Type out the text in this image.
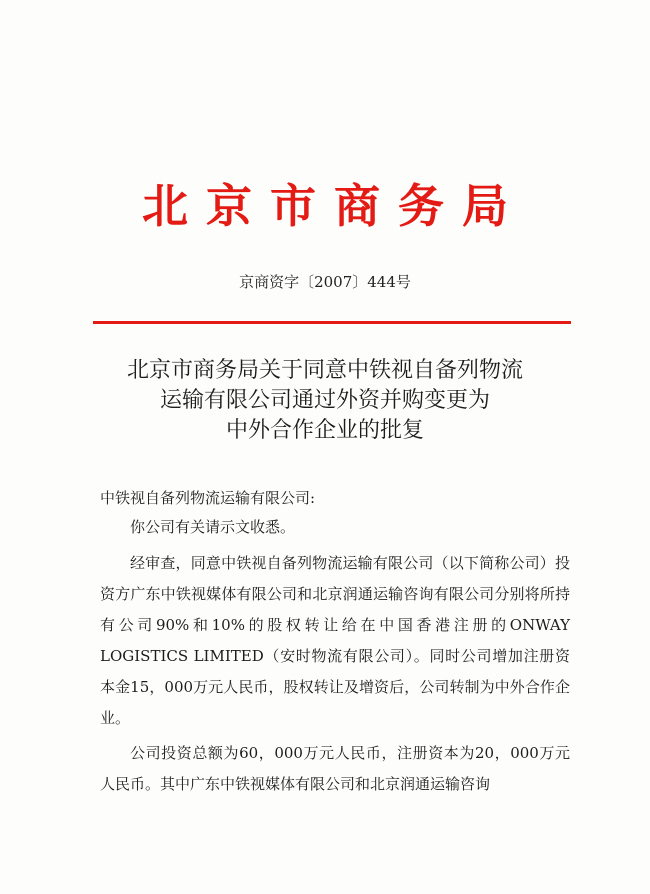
北京市商务局
京商资字〔2007〕444号
北京市商务局关于同意中铁视自备列物流
运输有限公司通过外资并购变更为
中外合作企业的批复
中铁视自备列物流运输有限公司:
你公司有关请示文收悉。
经审查，同意中铁视自备列物流运输有限公司（以下简称公司）投资方广东中铁视媒体有限公司和北京润通运输咨询有限公司分别将所持有公司90%和10%的股权转让给在中国香港注册的ONWAY LOGISTICS LIMITED（安时物流有限公司）。同时公司增加注册资本金15，000万元人民币，股权转让及增资后，公司转制为中外合作企业。
公司投资总额为60，000万元人民币，注册资本为20，000万元人民币。其中广东中铁视媒体有限公司和北京润通运输咨询
